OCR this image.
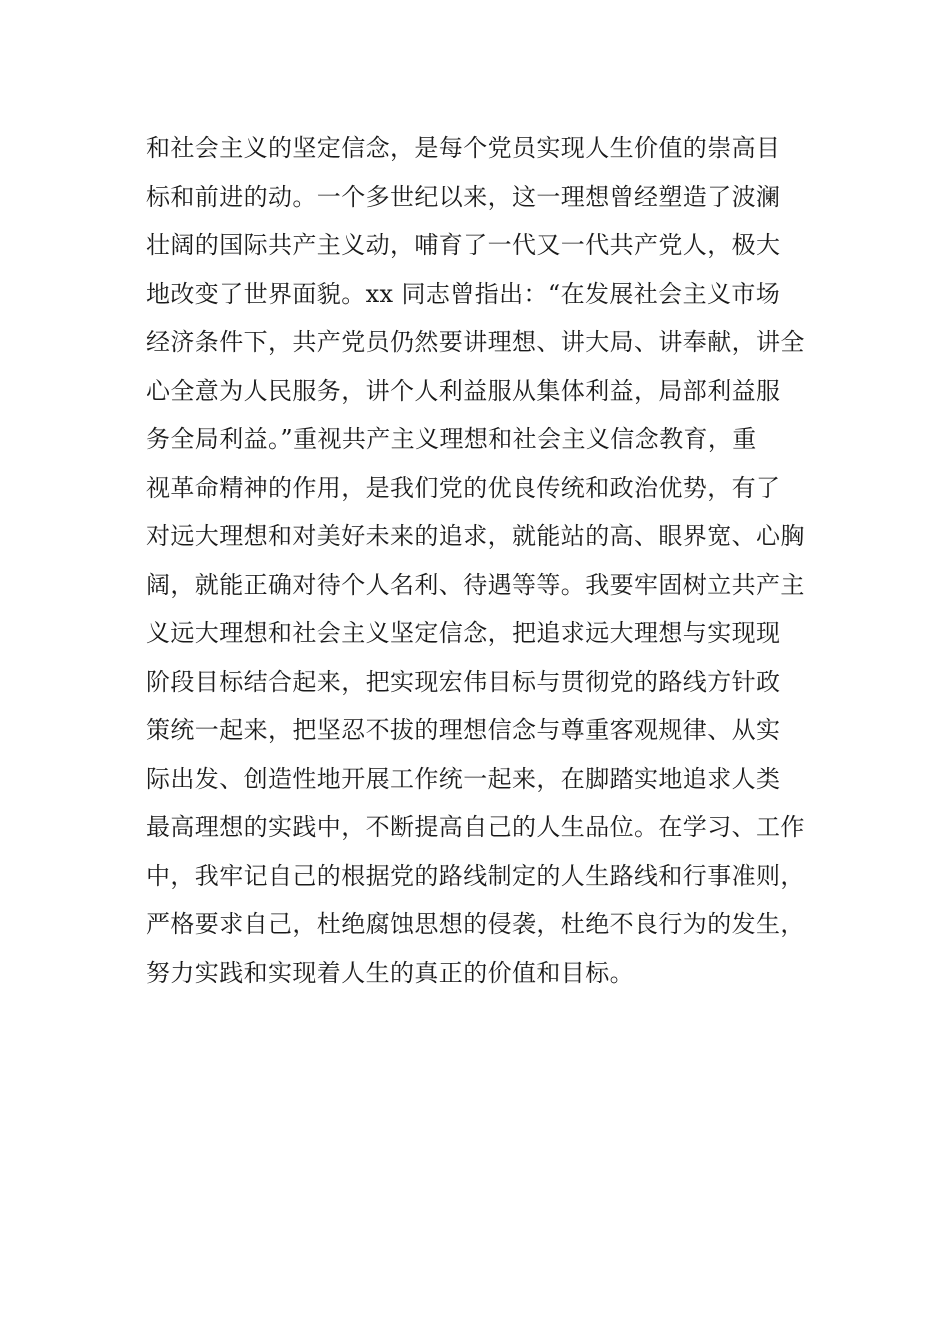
和社会主义的坚定信念，是每个党员实现人生价值的崇高目
标和前进的动。一个多世纪以来，这一理想曾经塑造了波澜
壮阔的国际共产主义动，哺育了一代又一代共产党人，极大
地改变了世界面貌。xx 同志曾指出：“在发展社会主义市场
经济条件下，共产党员仍然要讲理想、讲大局、讲奉献，讲全
心全意为人民服务，讲个人利益服从集体利益，局部利益服
务全局利益。”重视共产主义理想和社会主义信念教育，重
视革命精神的作用，是我们党的优良传统和政治优势，有了
对远大理想和对美好未来的追求，就能站的高、眼界宽、心胸
阔，就能正确对待个人名利、待遇等等。我要牢固树立共产主
义远大理想和社会主义坚定信念，把追求远大理想与实现现
阶段目标结合起来，把实现宏伟目标与贯彻党的路线方针政
策统一起来，把坚忍不拔的理想信念与尊重客观规律、从实
际出发、创造性地开展工作统一起来，在脚踏实地追求人类
最高理想的实践中，不断提高自己的人生品位。在学习、工作
中，我牢记自己的根据党的路线制定的人生路线和行事准则，
严格要求自己，杜绝腐蚀思想的侵袭，杜绝不良行为的发生，
努力实践和实现着人生的真正的价值和目标。
